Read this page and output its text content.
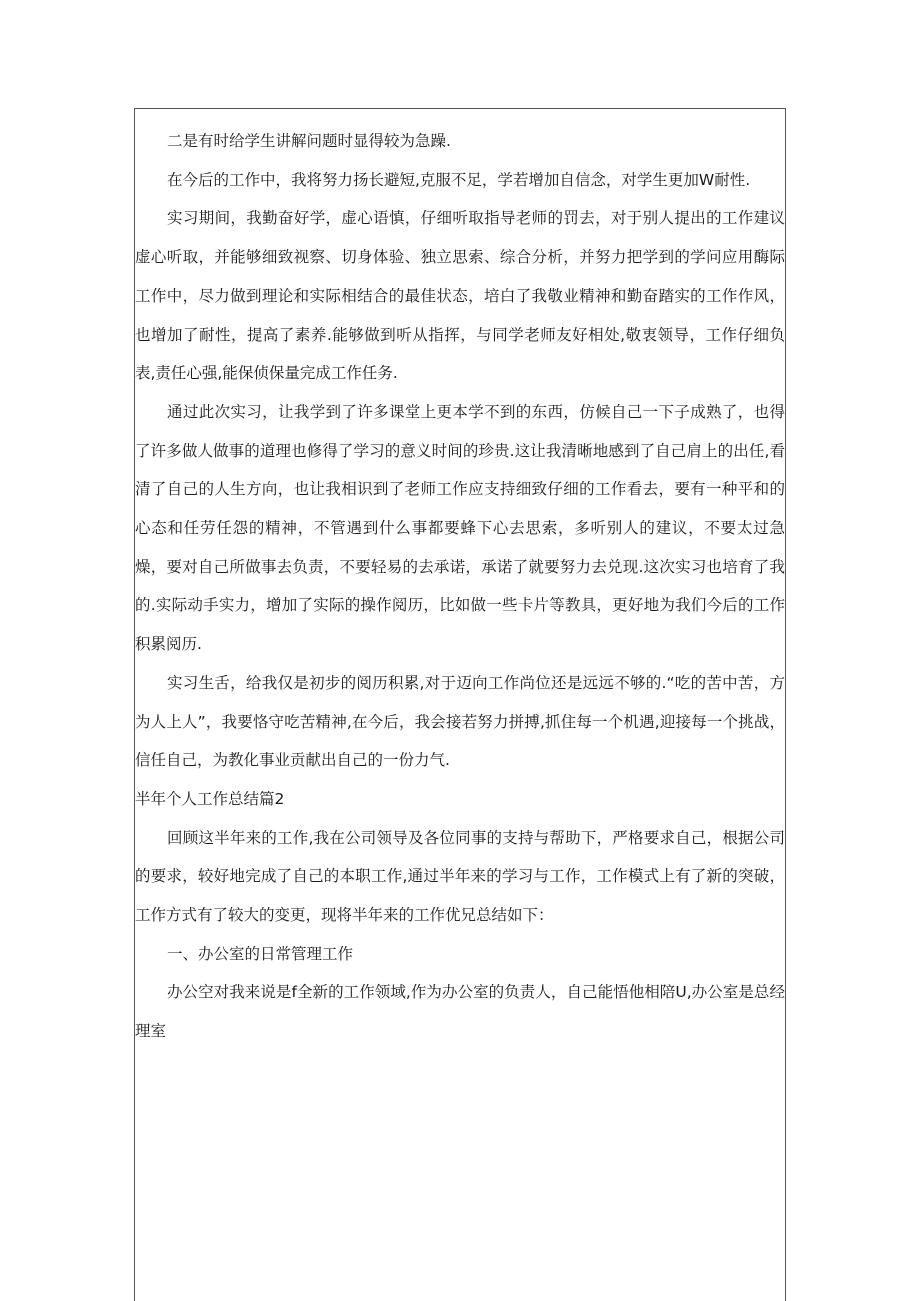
二是有时给学生讲解问题时显得较为急躁.

在今后的工作中，我将努力扬长避短,克服不足，学若增加自信念，对学生更加W耐性.

实习期间，我勤奋好学，虚心语慎，仔细听取指导老师的罚去，对于别人提出的工作建议虚心听取，并能够细致视察、切身体验、独立思索、综合分析，并努力把学到的学问应用酶际工作中，尽力做到理论和实际相结合的最佳状态，培白了我敬业精神和勤奋踏实的工作作风，也增加了耐性，提高了素养.能够做到听从指挥，与同学老师友好相处,敬衷领导，工作仔细负表,责任心强,能保侦保量完成工作任务.

通过此次实习，让我学到了许多课堂上更本学不到的东西，仿候自己一下子成熟了，也得了许多做人做事的道理也修得了学习的意义时间的珍贵.这让我清晰地感到了自己肩上的出任,看清了自己的人生方向，也让我相识到了老师工作应支持细致仔细的工作看去，要有一种平和的心态和任劳任怨的精神，不管遇到什么事都要蜂下心去思索，多听别人的建议，不要太过急燥，要对自己所做事去负责，不要轻易的去承诺，承诺了就要努力去兑现.这次实习也培育了我的.实际动手实力，增加了实际的操作阅历，比如做一些卡片等教具，更好地为我们今后的工作积累阅历.

实习生舌，给我仅是初步的阅历积累,对于迈向工作尚位还是远远不够的.“吃的苦中苦，方为人上人”，我要恪守吃苦精神,在今后，我会接若努力拼搏,抓住每一个机遇,迎接每一个挑战，信任自己，为教化事业贡献出自己的一份力气.

半年个人工作总结篇2

回顾这半年来的工作,我在公司领导及各位同事的支持与帮助下，严格要求自己，根据公司的要求，较好地完成了自己的本职工作,通过半年来的学习与工作，工作模式上有了新的突破，工作方式有了较大的变更，现将半年来的工作优兄总结如下：

一、办公室的日常管理工作

办公空对我来说是f全新的工作领域,作为办公室的负责人，自己能悟他相陪U,办公室是总经理室
